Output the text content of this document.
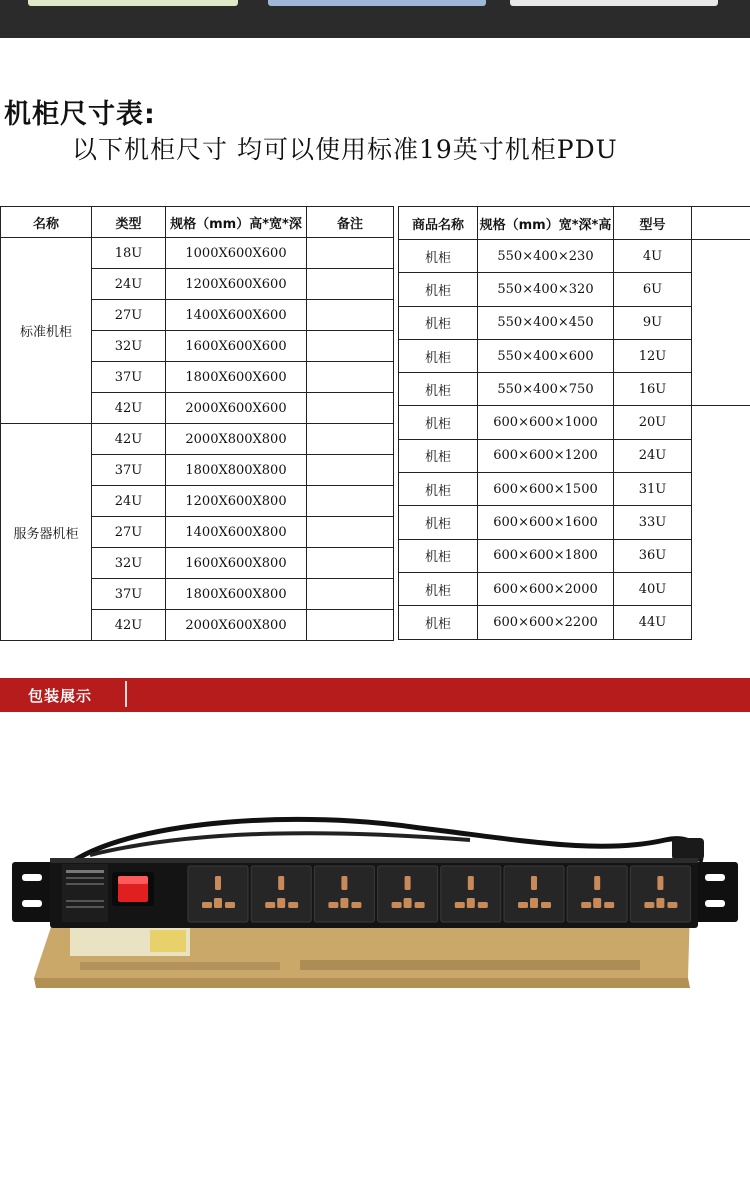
机柜尺寸表:
以下机柜尺寸 均可以使用标准19英寸机柜PDU
名称	类型	规格（mm）高*宽*深	备注
标准机柜	18U	1000X600X600	
	24U	1200X600X600	
	27U	1400X600X600	
	32U	1600X600X600	
	37U	1800X600X600	
	42U	2000X600X600	
服务器机柜	42U	2000X800X800	
	37U	1800X800X800	
	24U	1200X600X800	
	27U	1400X600X800	
	32U	1600X600X800	
	37U	1800X600X800	
	42U	2000X600X800	
商品名称	规格（mm）宽*深*高	型号	
机柜	550×400×230	4U	
机柜	550×400×320	6U	
机柜	550×400×450	9U	
机柜	550×400×600	12U	
机柜	550×400×750	16U	
机柜	600×600×1000	20U	
机柜	600×600×1200	24U	
机柜	600×600×1500	31U	
机柜	600×600×1600	33U	
机柜	600×600×1800	36U	
机柜	600×600×2000	40U	
机柜	600×600×2200	44U	
包装展示
